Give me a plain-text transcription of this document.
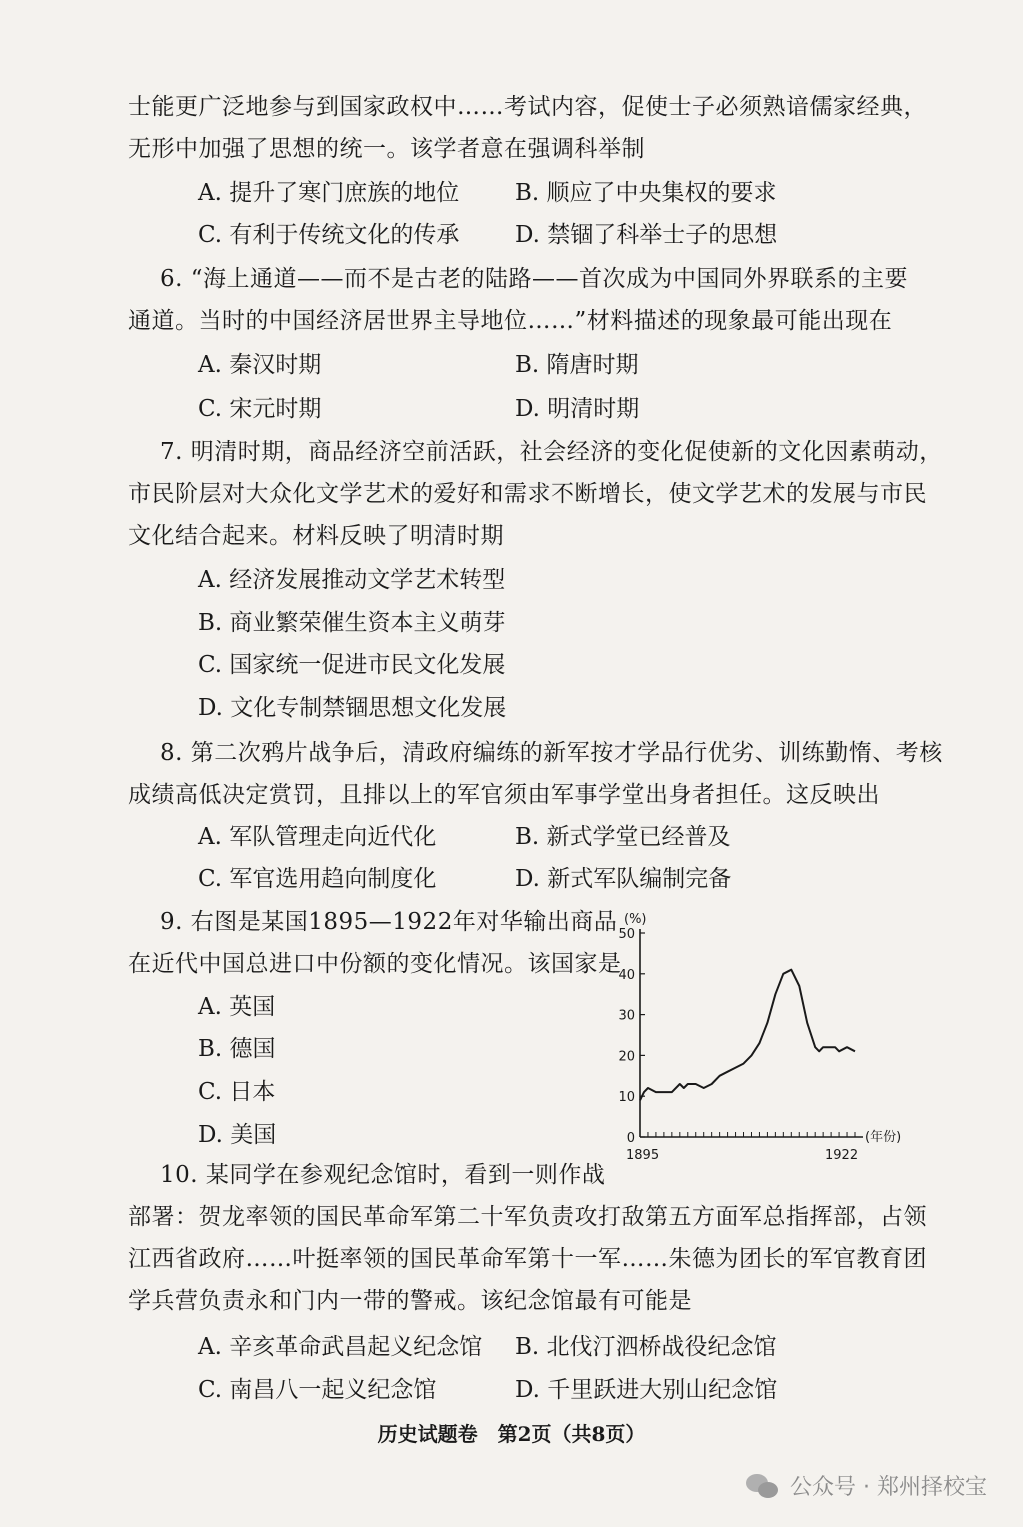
士能更广泛地参与到国家政权中……考试内容，促使士子必须熟谙儒家经典，
无形中加强了思想的统一。该学者意在强调科举制
6. “海上通道——而不是古老的陆路——首次成为中国同外界联系的主要
通道。当时的中国经济居世界主导地位……”材料描述的现象最可能出现在
7. 明清时期，商品经济空前活跃，社会经济的变化促使新的文化因素萌动，
市民阶层对大众化文学艺术的爱好和需求不断增长，使文学艺术的发展与市民
文化结合起来。材料反映了明清时期
8. 第二次鸦片战争后，清政府编练的新军按才学品行优劣、训练勤惰、考核
成绩高低决定赏罚，且排以上的军官须由军事学堂出身者担任。这反映出
9. 右图是某国1895—1922年对华输出商品
在近代中国总进口中份额的变化情况。该国家是
10. 某同学在参观纪念馆时，看到一则作战
部署：贺龙率领的国民革命军第二十军负责攻打敌第五方面军总指挥部，占领
江西省政府……叶挺率领的国民革命军第十一军……朱德为团长的军官教育团
学兵营负责永和门内一带的警戒。该纪念馆最有可能是
A. 提升了寒门庶族的地位 B. 顺应了中央集权的要求
C. 有利于传统文化的传承 D. 禁锢了科举士子的思想
A. 秦汉时期	B. 隋唐时期
C. 宋元时期	D. 明清时期
A. 经济发展推动文学艺术转型
B. 商业繁荣催生资本主义萌芽
C. 国家统一促进市民文化发展
D. 文化专制禁锢思想文化发展
A. 军队管理走向近代化	B. 新式学堂已经普及
C. 军官选用趋向制度化	D. 新式军队编制完备
A. 英国
B. 德国
C. 日本
D. 美国
A. 辛亥革命武昌起义纪念馆 B. 北伐汀泗桥战役纪念馆
C. 南昌八一起义纪念馆	D. 千里跃进大别山纪念馆
0
10
20
30
40
50
(%)
(年份)
1895	1922
历史试题卷　第2页（共8页）
公众号 · 郑州择校宝
